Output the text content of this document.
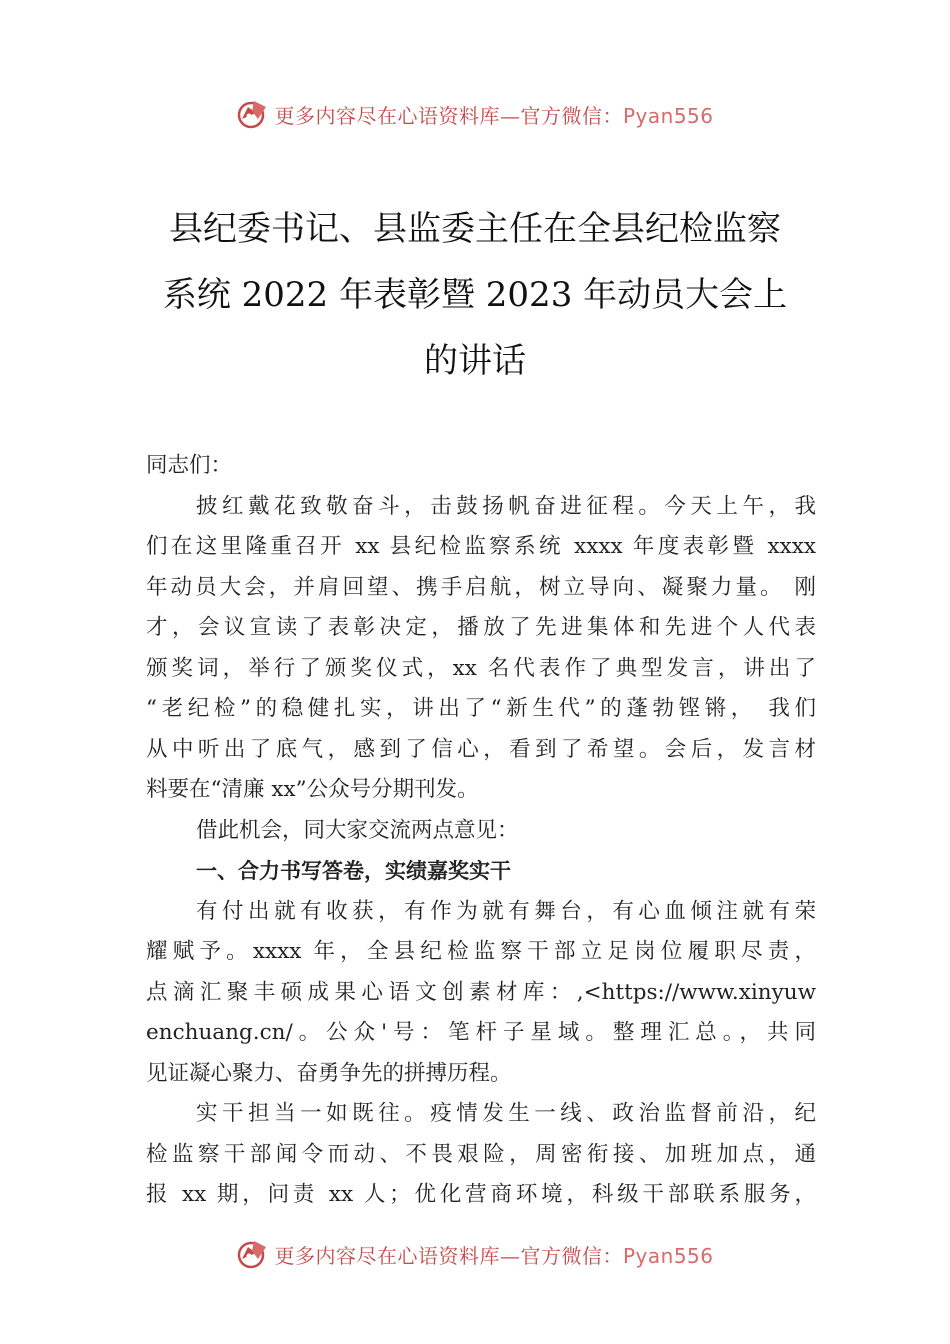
更多内容尽在心语资料库—官方微信：Pyan556
县纪委书记、县监委主任在全县纪检监察
系统 2022 年表彰暨 2023 年动员大会上
的讲话
同志们：
披红戴花致敬奋斗，击鼓扬帆奋进征程。今天上午，我
们在这里隆重召开 xx 县纪检监察系统 xxxx 年度表彰暨 xxxx
年动员大会，并肩回望、携手启航，树立导向、凝聚力量。 刚
才，会议宣读了表彰决定，播放了先进集体和先进个人代表
颁奖词，举行了颁奖仪式，xx 名代表作了典型发言，讲出了
“老纪检”的稳健扎实，讲出了“新生代”的蓬勃铿锵， 我们
从中听出了底气，感到了信心，看到了希望。会后，发言材
料要在“清廉 xx”公众号分期刊发。
借此机会，同大家交流两点意见：
一、合力书写答卷，实绩嘉奖实干
有付出就有收获，有作为就有舞台，有心血倾注就有荣
耀赋予。xxxx 年，全县纪检监察干部立足岗位履职尽责，
点滴汇聚丰硕成果心语文创素材库：,<https://www.xinyuw
enchuang.cn/。公众'号：笔杆子星域。整理汇总。，共同
见证凝心聚力、奋勇争先的拼搏历程。
实干担当一如既往。疫情发生一线、政治监督前沿，纪
检监察干部闻令而动、不畏艰险，周密衔接、加班加点，通
报 xx 期，问责 xx 人；优化营商环境，科级干部联系服务，
更多内容尽在心语资料库—官方微信：Pyan556
